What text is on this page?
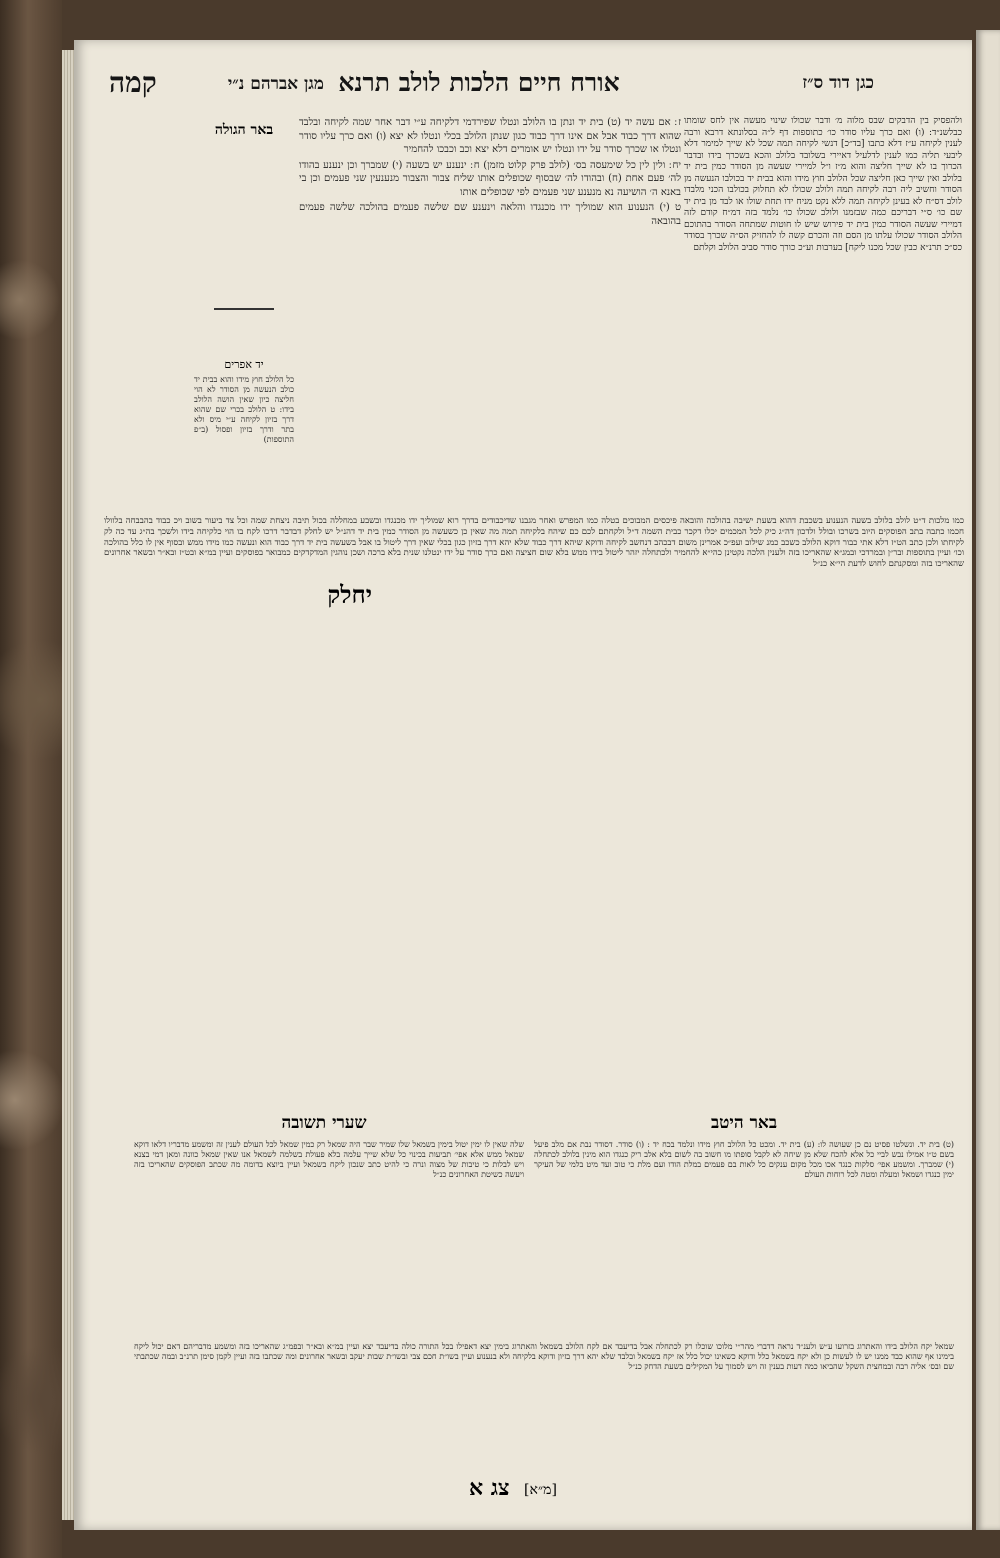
כגן דוד ס״ז
אורח חיים הלכות לולב תרנא
מגן אברהם נ״י
קמה
באר הגולה
יד אפרים

ולהפסיק בין הדבקים שבס מלוה מ׳ ודבר שכולו שינוי מעשה אין לחס שומתו כבלשנ״ד: (ו) ואם כרך עליו סודר כו׳ כתוספות דף ל״ה בסלונתא דרבא ורבה לענין לקיחה ע״ז דלא כתבו [בד״כ] דנשי לקיחה תמה שכל לא שייך למימר דלא ליבעי תליה כמו לענין לדלעיל דאיירי בשלובד בלולב והכא בשכרך בידו ובדבר הכרוך בו לא שייך חליצה והוא מ״ז ו״ל למיירי שעשה מן הסודר כמין בית יד בלולב ואין שייך כאן חליצה שכל הלולב חוץ מידו והוא בבית יד בכולבו הנעשה מן הסודר וחשיב ליה רבה לקיחה תמה ולולב שכולו לא תחלוק בכולבו הכני מלבדו לולב דס״ח לא בעינן לקיחה תמה ללא נקט מניח ידו תחת שולו או לבד מן בית יד שם כו׳ ס״י דבריכם כמה שבזמנו ולולב שכולו כו׳ נלמד בזה דמ״ח קודם לזה דמיירי שעשה הסודר כמין בית יד פירוש שיש לו חוטות שמתחה הסודר בהתוכם הלולב הסודר שכולו עלתו מן הסם וזה והכרם קשה לו להחזיק הס״ה שכרך בסודר כס״כ תרנ״א כבין שכל מכנו ליקח] בערבות וע״כ כורך סודר סביב הלולב וקלתם

ז ׃ אם עשה יד (ט) בית יד ונתן בו הלולב ונטלו שפירדמי דלקיחה ע״י דבר אחר שמה לקיחה ובלבד שהוא דרך כבוד אבל אם אינו דרך כבוד כגון שנתן הלולב בכלי ונטלו לא יצא (ו) ואם כרך עליו סודר ונטלו או שכרך סודר על ידו ונטלו יש אומרים דלא יצא וכב וכבכו להחמיר

יח ׃ ולין לין כל שימעסה בס׳ (לולב פרק קלוט מזמן) ח ׃ ינענע יש בשעה (י) שמברך וכן ינענע בהודו לה׳ פעם אחת (ח) ובהודו לה׳ שבסוף שכופלים אותו שליח צבור והצבור מנענעין שני פעמים וכן בי באנא ה׳ הושיעה נא מנענע שני פעמים לפי שכופלים אותו

ט (י) הנענוע הוא שמוליך ידו מכנגדו והלאה וינענע שם שלשה פעמים בהולכה שלשה פעמים בהובאה

כל הלולב חוץ מידו והוא בבית יד כולב הנעשה מן הסודר לא הוי חליצה כיון שאין הושה הלולב בידו: ט הלולב בכרי שם שהוא דרך בזיון לקיחה ע״י מיס ולא בתר ודרך בזיון ופסול (ב״פ התוספות)

יחלק

כמו מלכות ד״ט לולב בלולב בשעה הנענוע בשכבת דהוא בשעת ישיבה בהולכה והובאה פיכסים המבוכים בטלה כמו המפרש ואחר מגבנו שדיכבודים בדרך רוא שמוליך ידו מכנגדו ובשבע במחללה בכול תיבה ניצחת שמה וכל צד ביעור בשוב ויכ כבוד בהבבחה בלוולו חכמו כתבה בתב הפוסקים היוב בשרכו ובולל ולדכון דה״ג כיק לכל המכמים יכלו דקכר כבית השמה ד״ל ולקחתם לכם כם שיהח בלקיחה תמה מה שאין כן כשעשה מן הסודר כמין בית יד דהנ״ל יש לחלק דבדבר דרכו לקח בו הוי כלקיחה בידו ולשכך בה״ג עד כה לק לקיחתו ולכן כתב הט״ז דלא אתי כבור דוקא הלולב כשכב כמנ שילוב ועפ״כ אמרינן משום דבכהב דנחשב לקיחה ודוקא שיהא דרך כבוד שלא יהא דרך בזיון כגון בכלי שאין דרך ליטול בו אבל בשעשה בית יד דרך כבוד הוא ונעשה כמו מידו ממש ובסוף אין לו כלל בהולכה וכו׳ ועיין בתוספות ובר״ן ובמרדכי ובמג״א שהאריכו בזה ולענין הלכה נקטינן כהי״א להחמיר ולכתחלה יזהר ליטול בידו ממש בלא שום חציצה ואם כרך סודר על ידו ינטלנו שנית בלא ברכה ושכן נוהגין המדקדקים כמבואר בפוסקים ועיין במ״א ובט״ז ובא״ר ובשאר אחרונים שהאריכו בזה ומסקנתם לחוש לדעת הי״א כנ״ל

באר היטב
שערי תשובה

(ט) בית יד. ונשלטו פסיט נם כן שעושה לו: (ע) בית יד. ומכט כל הלולב חוץ מידו ונלמד בכח יד : (ו) סודר. דסודר נבת אם מלב פיעל בשם ט״ו אמילו נבש לביי כל אלא להכח שלא מן שיחה לא לקבל סופתו מו חשוב בה לשום בלא אלב ריק כנגדו הוא מינין בלולב לכתחלה (י) שמברך. ומשמע אפי׳ סלקות כנגד אכו מכל מקום ענקים כל לאות בם פעמים במלת הודו ועם מלת כי טוב ועד מיט בלמי של העיקר ימין כנגדו ושמאל ומעלה ומטה לכל רוחות העולם

שלה שאין לו ימין יטול בימין בשמאל שלו שמיר שבר היה שמאל רק כמין שמאל לכל העולם לענין זה ומשמע מדבריו דלאו דוקא שמאל ממש אלא אפי׳ תביעות בכינוי כל שלא שייך עלמה בלא פעולת בשלמה לשמאל אנו שאין שמאל כוונה ומאן דמי בצנא ויש לבלות כי טיבות של מצוה ונרה כי להיט כתב שנכון ליקח בשמאל ועיין ביוצא בדומה מה שכתב הפוסקים שהאריכו בזה ויעשה כשיטת האחרונים כנ״ל

שמאל יקח הלולב בידו והאתרוג בזרועו ע״ש ולענ״ד נראה דדברי מהר״י מלוכו שוכלו רק לכתחלה אבל בדיעבד אם לקח הלולב בשמאל והאתרוג בימין יצא דאפילו בכל התורה כולה בדיעבד יצא ועיין במ״א ובא״ר ובפמ״ג שהאריכו בזה ומשמע מדבריהם דאם יכול ליקח בימינו אף שהוא כבד ממנו יש לו לעשות כן ולא יקח בשמאל כלל ודוקא כשאינו יכול כלל אז יקח בשמאל ובלבד שלא יהא דרך בזיון ודוקא בלקיחה ולא בנענוע ועיין בשו״ת חכם צבי ובשו״ת שבות יעקב ובשאר אחרונים ומה שכתבו בזה ועיין לקמן סימן תרנ״ב ובמה שכתבתי שם ובס׳ אליה רבה ובמחצית השקל שהביאו כמה דעות בענין זה ויש לסמוך על המקילים בשעת הדחק כנ״ל

צג א [מ״א]
